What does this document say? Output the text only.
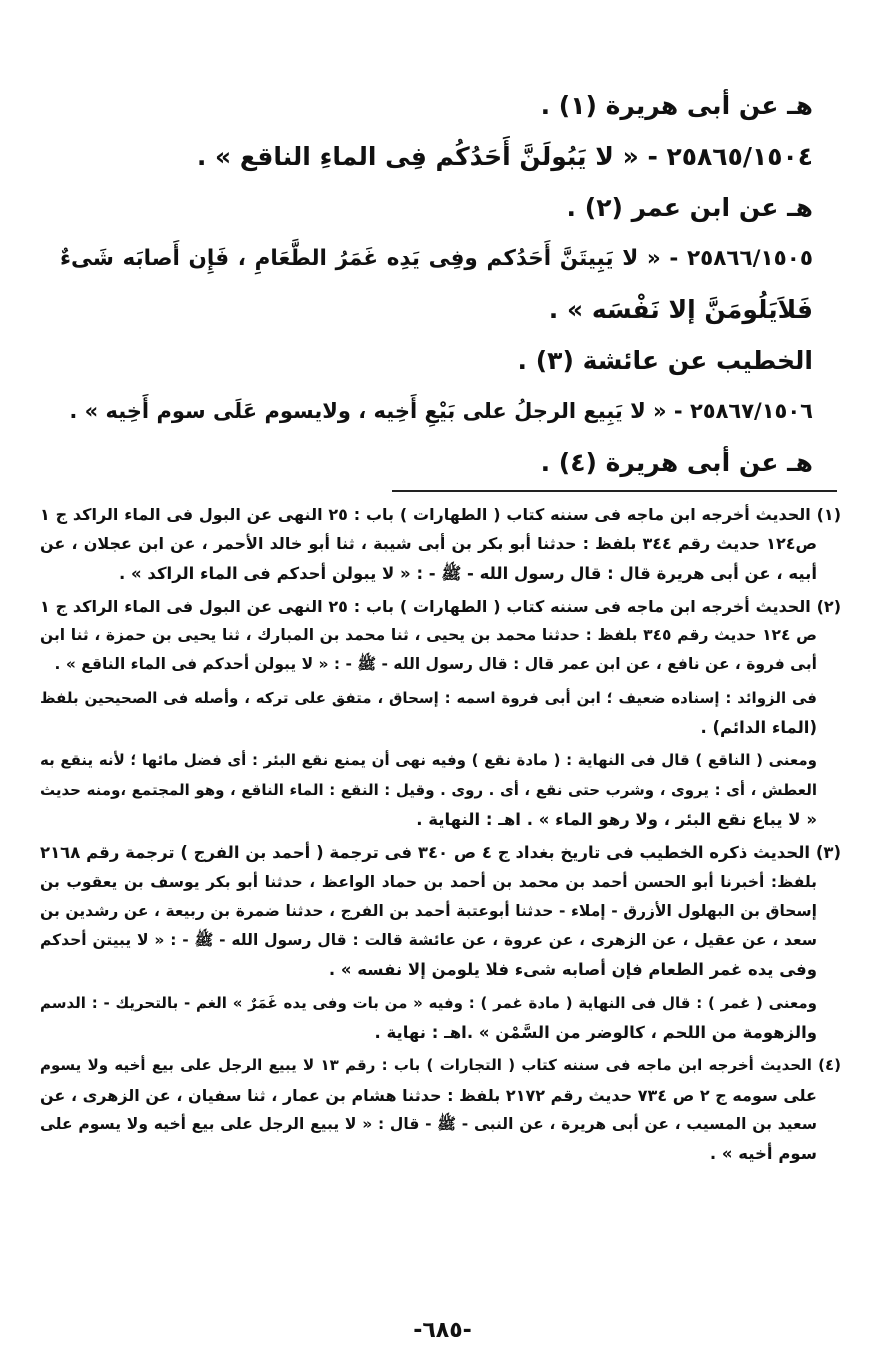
هـ عن أبى هريرة (١) .
٢٥٨٦٥/١٥٠٤ - « لا يَبُولَنَّ أَحَدُكُم فِى الماءِ الناقع » .
هـ عن ابن عمر (٢) .
٢٥٨٦٦/١٥٠٥ - « لا يَبِيتَنَّ أَحَدُكم وفِى يَدِه غَمَرُ الطَّعَامِ ، فَإِن أَصابَه شَىءٌ
فَلاَيَلُومَنَّ إلا نَفْسَه » .
الخطيب عن عائشة (٣) .
٢٥٨٦٧/١٥٠٦ - « لا يَبِيع الرجلُ على بَيْعِ أَخِيه ، ولايسوم عَلَى سوم أَخِيه » .
هـ عن أبى هريرة (٤) .
(١) الحديث أخرجه ابن ماجه فى سننه كتاب ( الطهارات ) باب : ٢٥ النهى عن البول فى الماء الراكد ج ١
ص١٢٤ حديث رقم ٣٤٤ بلفظ : حدثنا أبو بكر بن أبى شيبة ، ثنا أبو خالد الأحمر ، عن ابن عجلان ، عن
أبيه ، عن أبى هريرة قال : قال رسول الله - ﷺ - : « لا يبولن أحدكم فى الماء الراكد » .
(٢) الحديث أخرجه ابن ماجه فى سننه كتاب ( الطهارات ) باب : ٢٥ النهى عن البول فى الماء الراكد ج ١
ص ١٢٤ حديث رقم ٣٤٥ بلفظ : حدثنا محمد بن يحيى ، ثنا محمد بن المبارك ، ثنا يحيى بن حمزة ، ثنا ابن
أبى فروة ، عن نافع ، عن ابن عمر قال : قال رسول الله - ﷺ - : « لا يبولن أحدكم فى الماء الناقع » .
فى الزوائد : إسناده ضعيف ؛ ابن أبى فروة اسمه : إسحاق ، متفق على تركه ، وأصله فى الصحيحين بلفظ
(الماء الدائم) .
ومعنى ( الناقع ) قال فى النهاية : ( مادة نقع ) وفيه نهى أن يمنع نقع البئر : أى فضل مائها ؛ لأنه ينقع به
العطش ، أى : يروى ، وشرب حتى نقع ، أى . روى . وقيل : النقع : الماء الناقع ، وهو المجتمع ،ومنه حديث
« لا يباع نقع البئر ، ولا رهو الماء » . اهـ : النهاية .
(٣) الحديث ذكره الخطيب فى تاريخ بغداد ج ٤ ص ٣٤٠ فى ترجمة ( أحمد بن الفرج ) ترجمة رقم ٢١٦٨
بلفظ: أخبرنا أبو الحسن أحمد بن محمد بن أحمد بن حماد الواعظ ، حدثنا أبو بكر يوسف بن يعقوب بن
إسحاق بن البهلول الأزرق - إملاء - حدثنا أبوعتبة أحمد بن الفرج ، حدثنا ضمرة بن ربيعة ، عن رشدين بن
سعد ، عن عقيل ، عن الزهرى ، عن عروة ، عن عائشة قالت : قال رسول الله - ﷺ - : « لا يبيتن أحدكم
وفى يده غمر الطعام فإن أصابه شىء فلا يلومن إلا نفسه » .
ومعنى ( غمر ) : قال فى النهاية ( مادة غمر ) : وفيه « من بات وفى يده غَمَرٌ » الغم - بالتحريك - : الدسم
والزهومة من اللحم ، كالوضر من السَّمْن » .اهـ : نهاية .
(٤) الحديث أخرجه ابن ماجه فى سننه كتاب ( التجارات ) باب : رقم ١٣ لا يبيع الرجل على بيع أخيه ولا يسوم
على سومه ج ٢ ص ٧٣٤ حديث رقم ٢١٧٢ بلفظ : حدثنا هشام بن عمار ، ثنا سفيان ، عن الزهرى ، عن
سعيد بن المسيب ، عن أبى هريرة ، عن النبى - ﷺ - قال : « لا يبيع الرجل على بيع أخيه ولا يسوم على
سوم أخيه » .
-٦٨٥-
